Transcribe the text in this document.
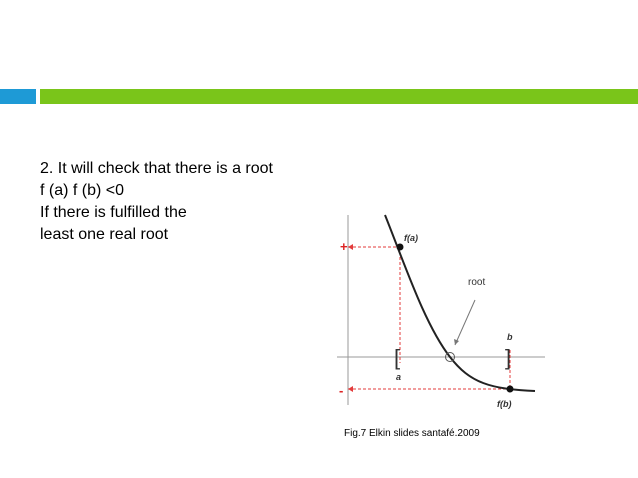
2. It will check that there is a root
f (a) f (b) <0
If there is fulfilled the
least one real root
+
-
f(a)
f(b)
a
b
root
[	]
Fig.7 Elkin slides santafé.2009
